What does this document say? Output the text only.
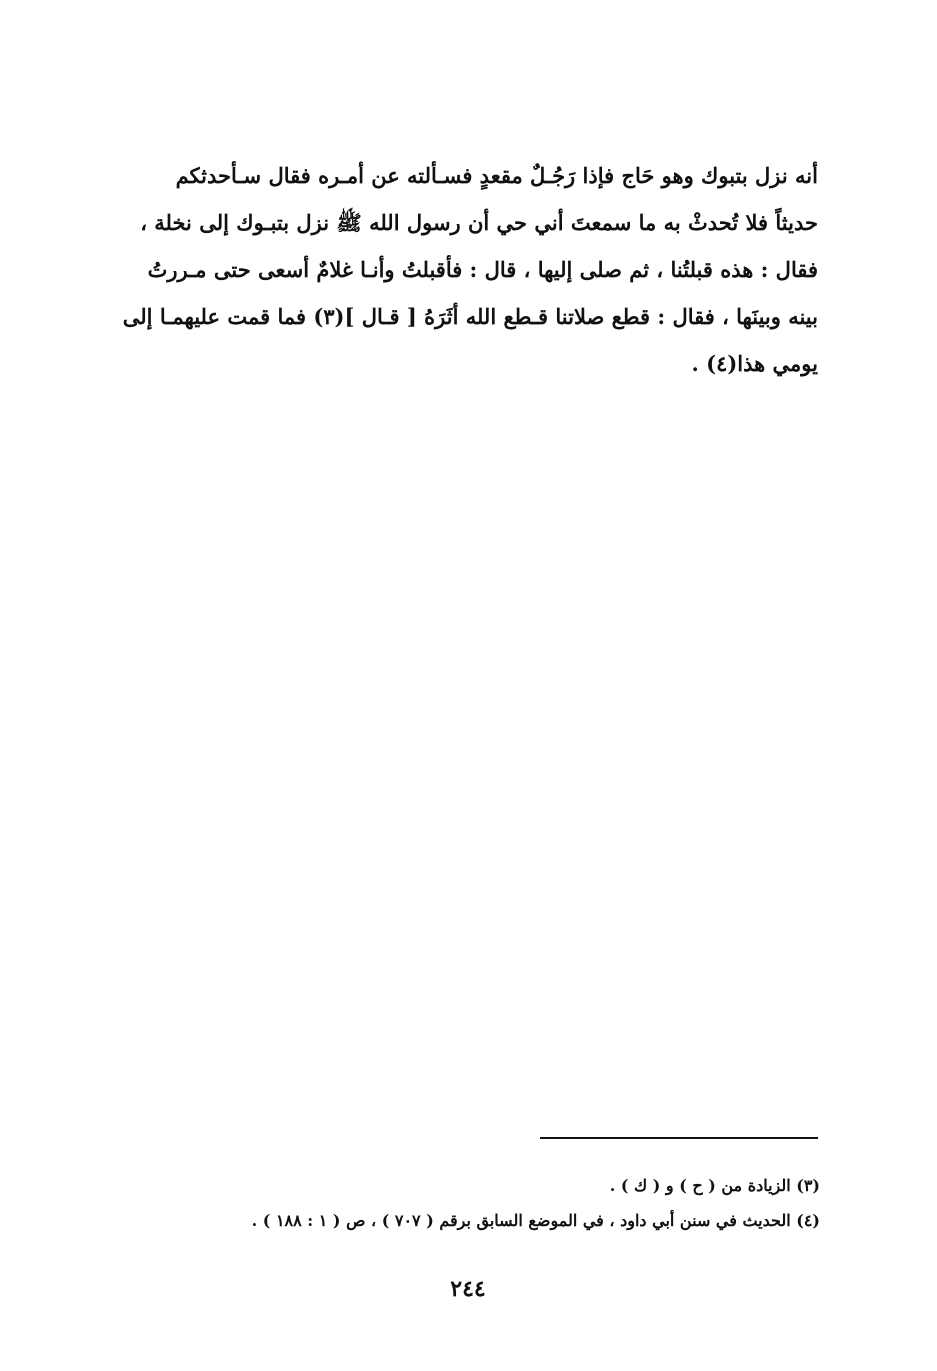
أنه نزل بتبوك وهو حَاج فإذا رَجُـلٌ مقعدٍ فسـألته عن أمـره فقال سـأحدثكم
حديثاً فلا تُحدثْ به ما سمعتَ أني حي أن رسول الله ﷺ نزل بتبـوك إلى نخلة ،
فقال : هذه قبلتُنا ، ثم صلى إليها ، قال : فأقبلتُ وأنـا غلامٌ أسعى حتى مـررتُ
بينه وبينَها ، فقال : قطع صلاتنا قـطع الله أثَرَهُ [ قـال ](٣) فما قمت عليهمـا إلى
يومي هذا(٤) .
(٣) الزيادة من ( ح ) و ( ك ) .
(٤) الحديث في سنن أبي داود ، في الموضع السابق برقم ( ٧٠٧ ) ، ص ( ١ : ١٨٨ ) .
٢٤٤
